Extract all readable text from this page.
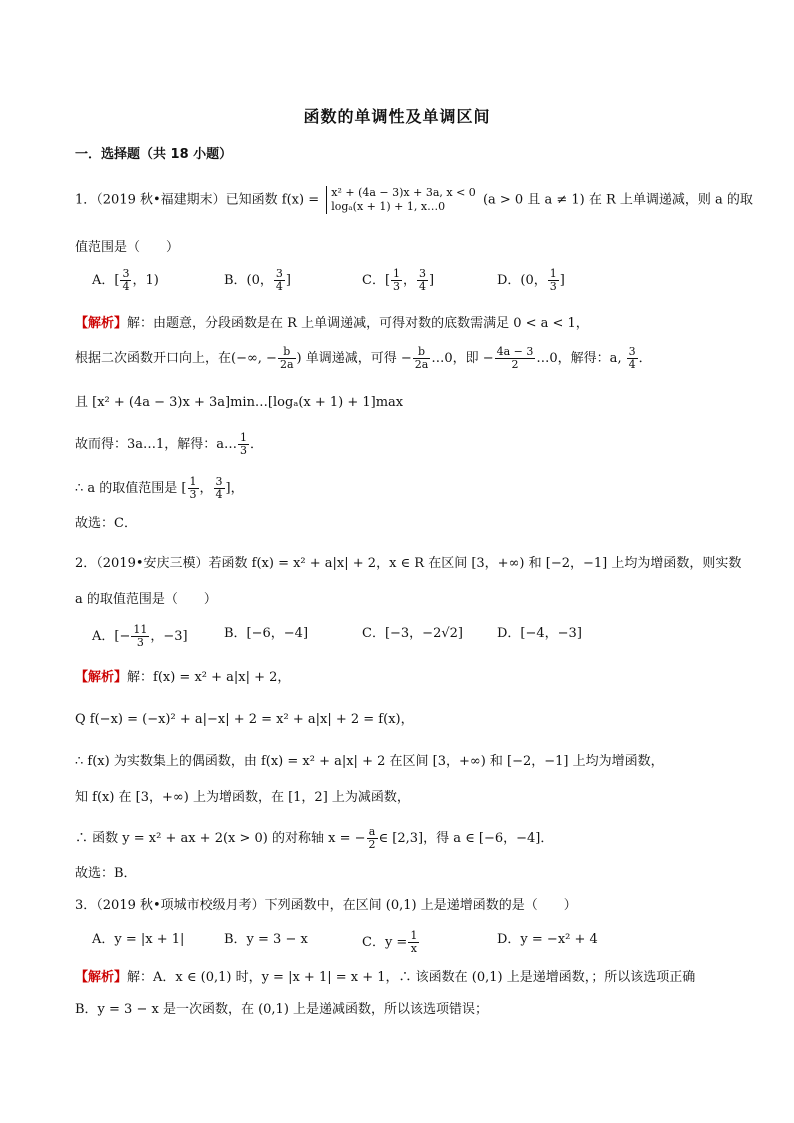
函数的单调性及单调区间
一．选择题（共 18 小题）
1．（2019 秋•福建期末）已知函数 f(x) = x² + (4a − 3)x + 3a, x < 0
logₐ(x + 1) + 1, x…0	(a > 0 且 a ≠ 1) 在 R 上单调递减，则 a 的取
值范围是（　　）
A．[ $\frac{3}{4}$ ，1)	B．(0， $\frac{3}{4}$ ]	C．[ $\frac{1}{3}$ ， $\frac{3}{4}$ ]	D．(0， $\frac{1}{3}$ ]
【解析】解：由题意，分段函数是在 R 上单调递减，可得对数的底数需满足 0 < a < 1，
根据二次函数开口向上，在(−∞, − $\frac{b}{2a}$ ) 单调递减，可得 − $\frac{b}{2a}$ …0，即 − $\frac{4a - 3}{2}$ …0，解得：a‚ $\frac{3}{4}$ ．
且 [x² + (4a − 3)x + 3a]min…[logₐ(x + 1) + 1]max
故而得：3a…1，解得：a… $\frac{1}{3}$ ．
∴ a 的取值范围是 [ $\frac{1}{3}$ ， $\frac{3}{4}$ ]，
故选：C．
2．（2019•安庆三模）若函数 f(x) = x² + a|x| + 2，x ∈ R 在区间 [3，+∞) 和 [−2，−1] 上均为增函数，则实数
a 的取值范围是（　　）
A．[− $\frac{11}{3}$ ，−3]	B．[−6，−4]	C．[−3，−2√2]	D．[−4，−3]
【解析】解：f(x) = x² + a|x| + 2，
Q f(−x) = (−x)² + a|−x| + 2 = x² + a|x| + 2 = f(x)，
∴ f(x) 为实数集上的偶函数，由 f(x) = x² + a|x| + 2 在区间 [3，+∞) 和 [−2，−1] 上均为增函数，
知 f(x) 在 [3，+∞) 上为增函数，在 [1，2] 上为减函数，
∴ 函数 y = x² + ax + 2(x > 0) 的对称轴 x = − $\frac{a}{2}$ ∈ [2,3]，得 a ∈ [−6，−4]．
故选：B．
3．（2019 秋•项城市校级月考）下列函数中，在区间 (0,1) 上是递增函数的是（　　）
A．y = |x + 1|	B．y = 3 − x	C．$y = \frac{1}{x}$	D．y = −x² + 4
【解析】解：A．x ∈ (0,1) 时，y = |x + 1| = x + 1，∴ 该函数在 (0,1) 上是递增函数，；所以该选项正确
B．y = 3 − x 是一次函数，在 (0,1) 上是递减函数，所以该选项错误；
